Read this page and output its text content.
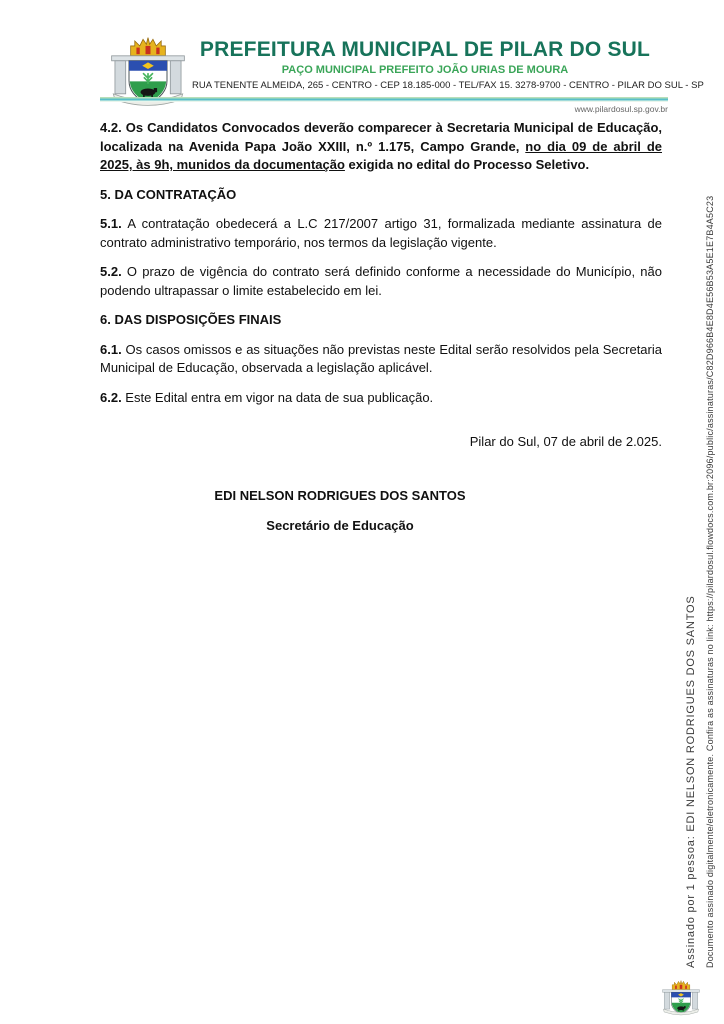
PREFEITURA MUNICIPAL DE PILAR DO SUL
PAÇO MUNICIPAL PREFEITO JOÃO URIAS DE MOURA
RUA TENENTE ALMEIDA, 265 - CENTRO - CEP 18.185-000 - TEL/FAX 15. 3278-9700 - CENTRO - PILAR DO SUL - SP
www.pilardosul.sp.gov.br

4.2. Os Candidatos Convocados deverão comparecer à Secretaria Municipal de Educação, localizada na Avenida Papa João XXIII, n.º 1.175, Campo Grande, no dia 09 de abril de 2025, às 9h, munidos da documentação exigida no edital do Processo Seletivo.

5. DA CONTRATAÇÃO

5.1. A contratação obedecerá a L.C 217/2007 artigo 31, formalizada mediante assinatura de contrato administrativo temporário, nos termos da legislação vigente.

5.2. O prazo de vigência do contrato será definido conforme a necessidade do Município, não podendo ultrapassar o limite estabelecido em lei.

6. DAS DISPOSIÇÕES FINAIS

6.1. Os casos omissos e as situações não previstas neste Edital serão resolvidos pela Secretaria Municipal de Educação, observada a legislação aplicável.

6.2. Este Edital entra em vigor na data de sua publicação.

Pilar do Sul, 07 de abril de 2.025.

EDI NELSON RODRIGUES DOS SANTOS

Secretário de Educação

Assinado por 1 pessoa: EDI NELSON RODRIGUES DOS SANTOS Documento assinado digitalmente/eletronicamente. Confira as assinaturas no link: https://pilardosul.flowdocs.com.br:2096/public/assinaturas/C82D966B4E8D4E56B53A5E1E7B4A5C23
